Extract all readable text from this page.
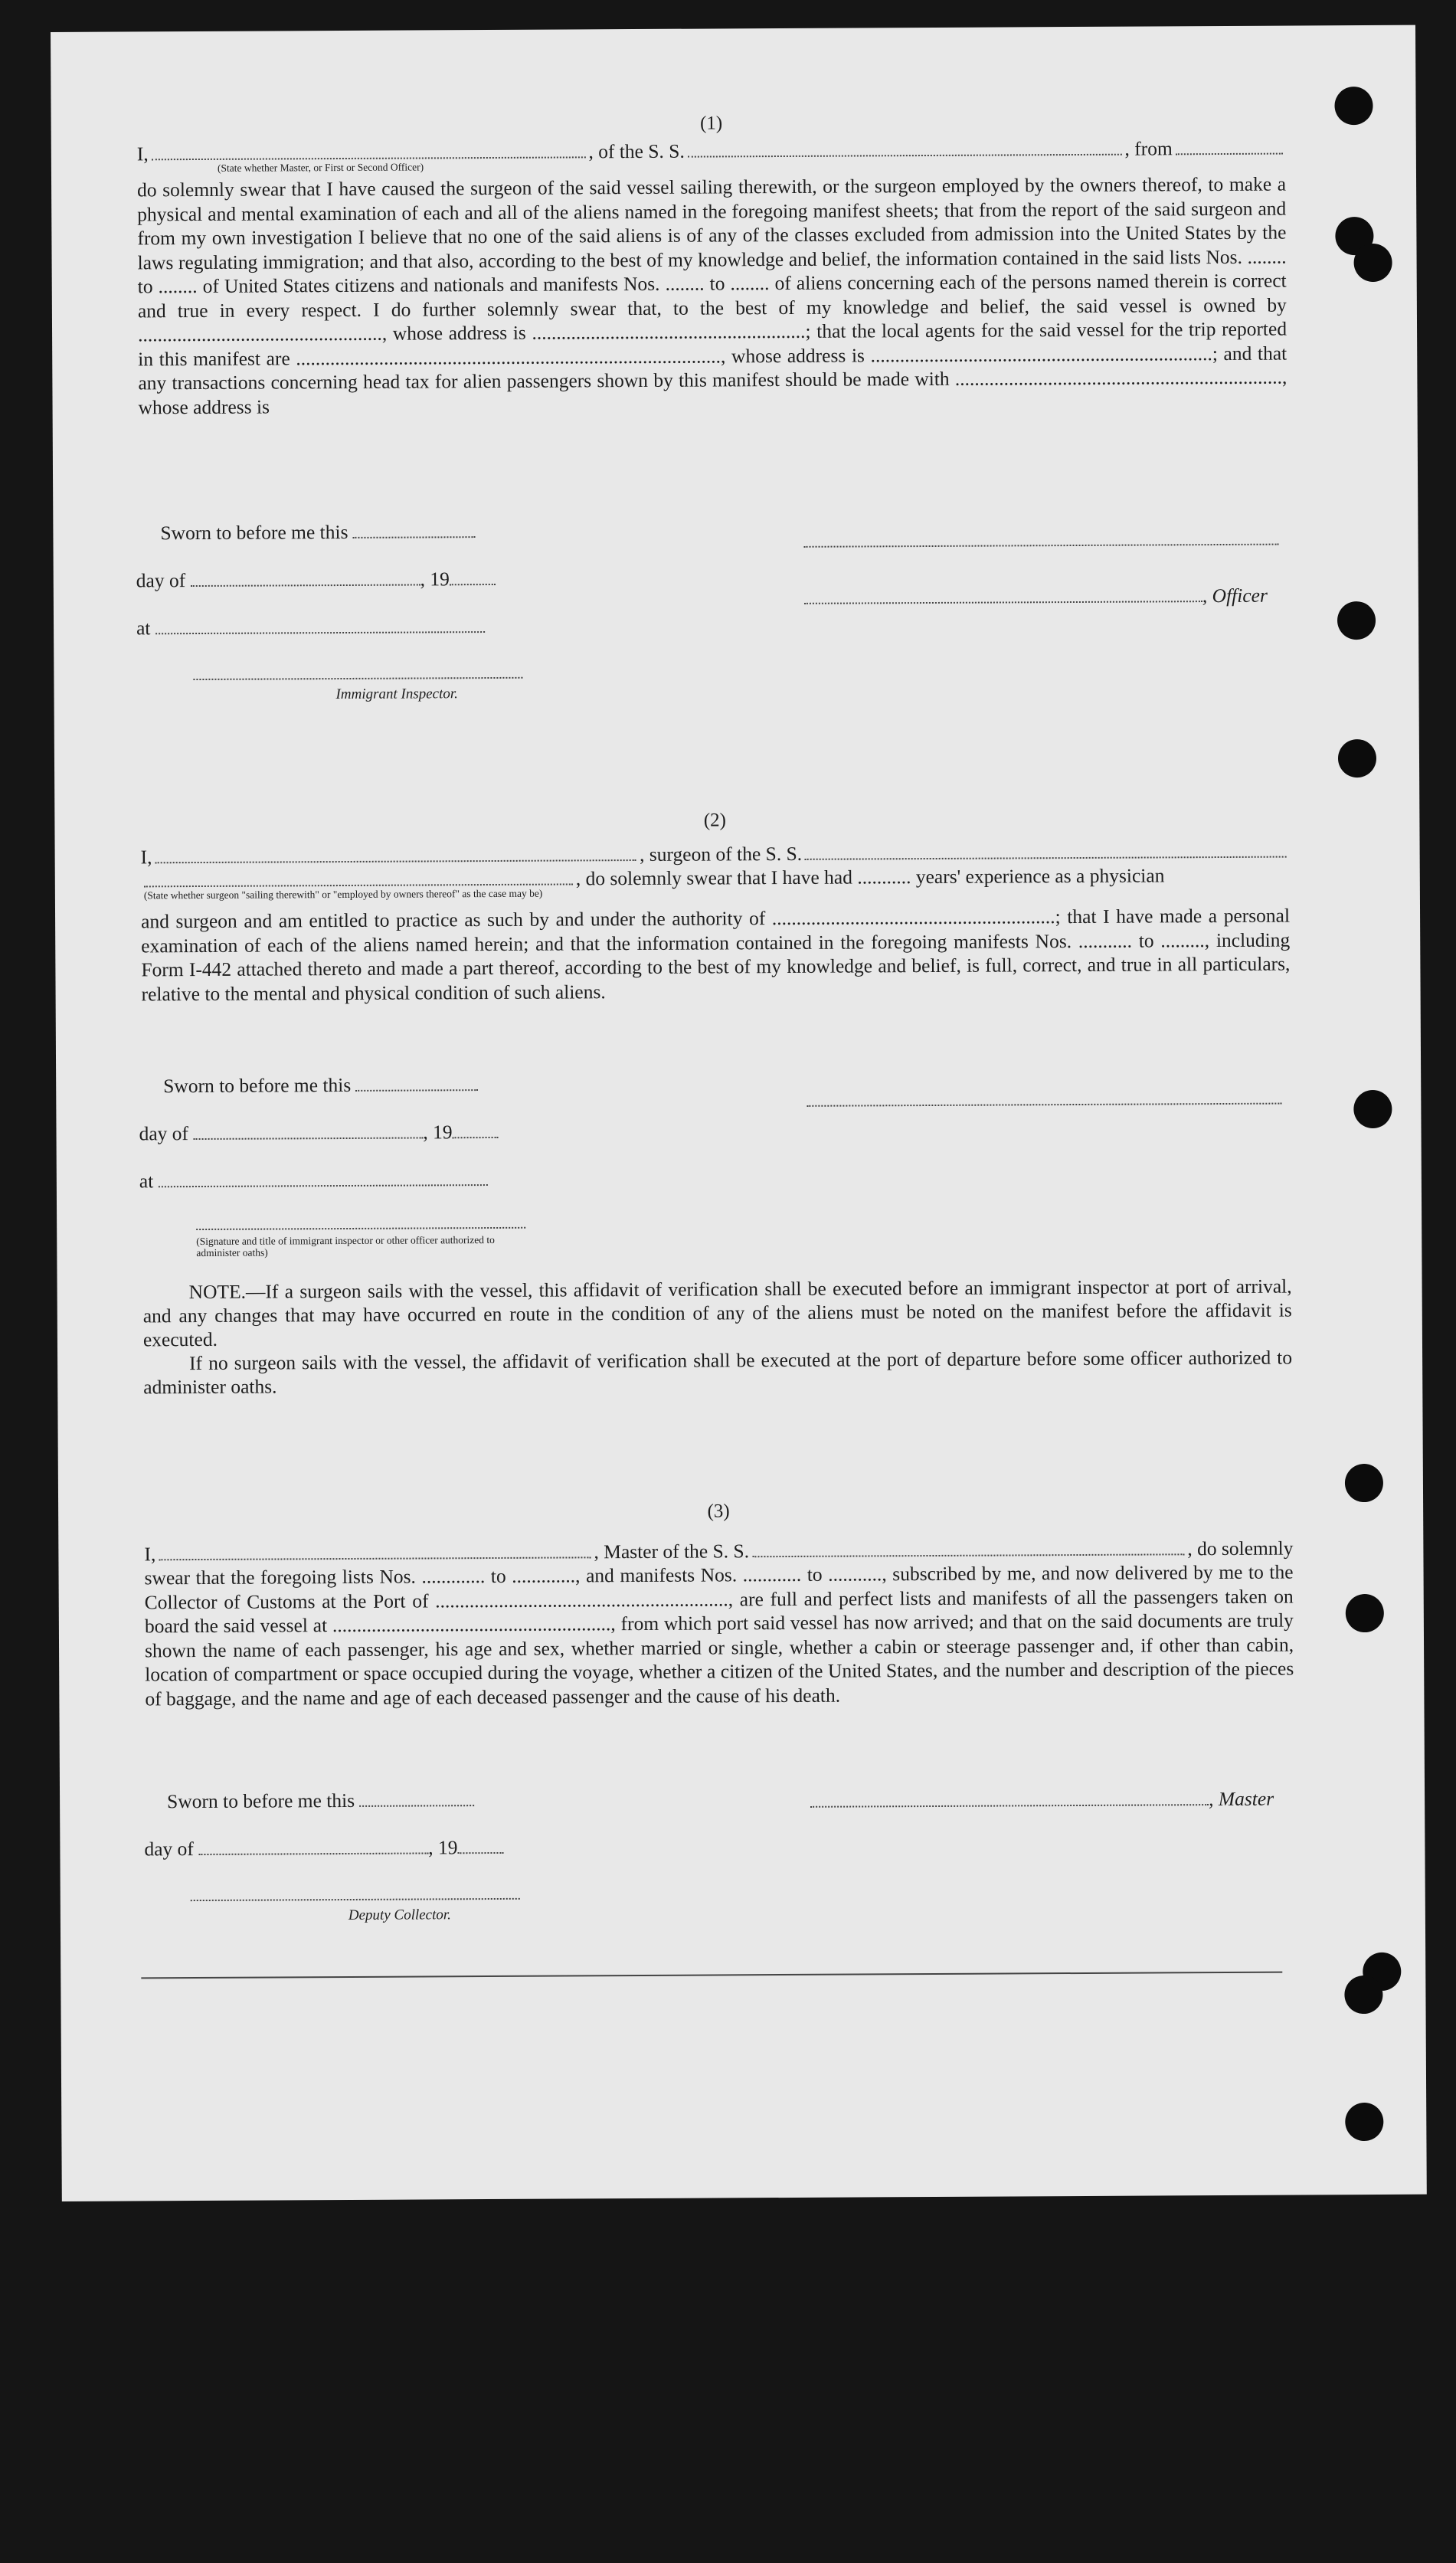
(1)

I,	, of the S. S.	, from
(State whether Master, or First or Second Officer)

do solemnly swear that I have caused the surgeon of the said vessel sailing therewith, or the surgeon employed by the owners thereof, to make a physical and mental examination of each and all of the aliens named in the foregoing manifest sheets; that from the report of the said surgeon and from my own investigation I believe that no one of the said aliens is of any of the classes excluded from admission into the United States by the laws regulating immigration; and that also, according to the best of my knowledge and belief, the information contained in the said lists Nos. ........ to ........ of United States citizens and nationals and manifests Nos. ........ to ........ of aliens concerning each of the persons named therein is correct and true in every respect. I do further solemnly swear that, to the best of my knowledge and belief, the said vessel is owned by .................................................., whose address is ........................................................; that the local agents for the said vessel for the trip reported in this manifest are ......................................................................................., whose address is ......................................................................; and that any transactions concerning head tax for alien passengers shown by this manifest should be made with ..................................................................., whose address is

Sworn to before me this
day of	, 19
at
Immigrant Inspector.
, Officer

(2)

I,	, surgeon of the S. S.
, do solemnly swear that I have had ........... years' experience as a physician
(State whether surgeon "sailing therewith" or "employed by owners thereof" as the case may be)

and surgeon and am entitled to practice as such by and under the authority of ..........................................................; that I have made a personal examination of each of the aliens named herein; and that the information contained in the foregoing manifests Nos. ........... to ........., including Form I-442 attached thereto and made a part thereof, according to the best of my knowledge and belief, is full, correct, and true in all particulars, relative to the mental and physical condition of such aliens.

Sworn to before me this
day of	, 19
at
(Signature and title of immigrant inspector or other officer authorized to administer oaths)

NOTE.—If a surgeon sails with the vessel, this affidavit of verification shall be executed before an immigrant inspector at port of arrival, and any changes that may have occurred en route in the condition of any of the aliens must be noted on the manifest before the affidavit is executed.

If no surgeon sails with the vessel, the affidavit of verification shall be executed at the port of departure before some officer authorized to administer oaths.

(3)

I,	, Master of the S. S.	, do solemnly

swear that the foregoing lists Nos. ............. to ............., and manifests Nos. ............ to ..........., subscribed by me, and now delivered by me to the Collector of Customs at the Port of ............................................................, are full and perfect lists and manifests of all the passengers taken on board the said vessel at ........................................................., from which port said vessel has now arrived; and that on the said documents are truly shown the name of each passenger, his age and sex, whether married or single, whether a cabin or steerage passenger and, if other than cabin, location of compartment or space occupied during the voyage, whether a citizen of the United States, and the number and description of the pieces of baggage, and the name and age of each deceased passenger and the cause of his death.

Sworn to before me this
day of	, 19
Deputy Collector.
, Master
